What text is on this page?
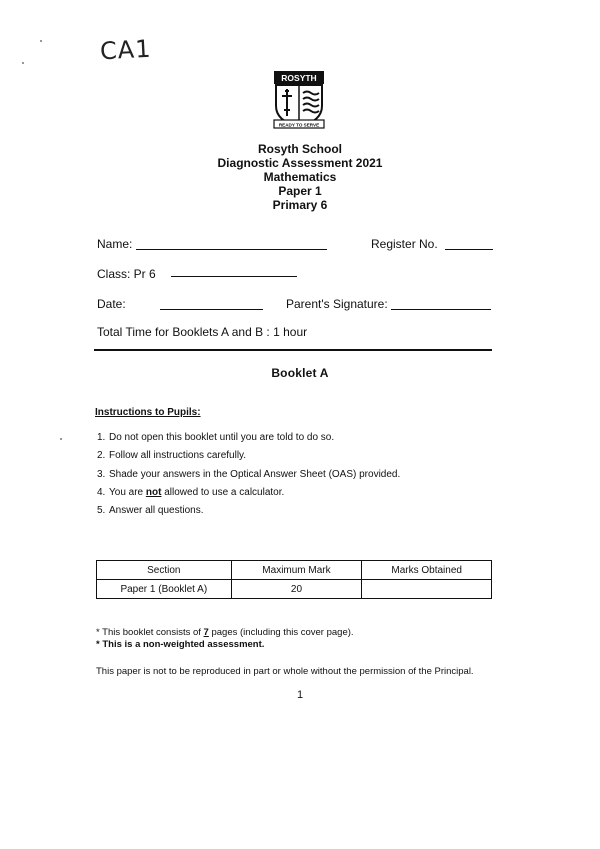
CA1
ROSYTH
READY TO SERVE
Rosyth School
Diagnostic Assessment 2021
Mathematics
Paper 1
Primary 6
Name:	Register No.
Class: Pr 6
Date:	Parent's Signature:
Total Time for Booklets A and B : 1 hour
Booklet A
Instructions to Pupils:
1. Do not open this booklet until you are told to do so.
2. Follow all instructions carefully.
3. Shade your answers in the Optical Answer Sheet (OAS) provided.
4. You are not allowed to use a calculator.
5. Answer all questions.
Section	Maximum Mark	Marks Obtained
Paper 1 (Booklet A)	20	
* This booklet consists of 7 pages (including this cover page).
* This is a non-weighted assessment.
This paper is not to be reproduced in part or whole without the permission of the Principal.
1
